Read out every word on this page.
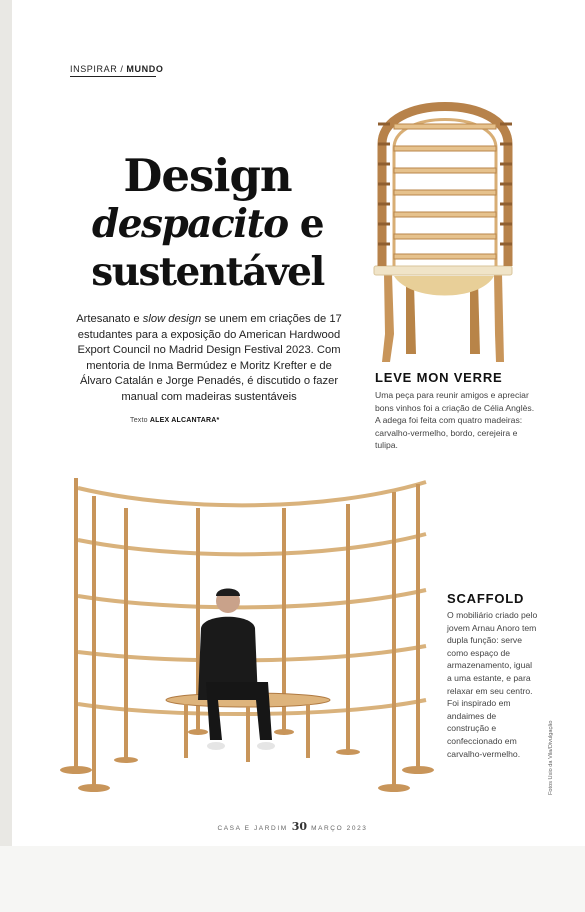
INSPIRAR / MUNDO
Design
despacito e
sustentável
Artesanato e slow design se unem em criações de 17 estudantes para a exposição do American Hardwood Export Council no Madrid Design Festival 2023. Com mentoria de Inma Bermúdez e Moritz Krefter e de Álvaro Catalán e Jorge Penadés, é discutido o fazer manual com madeiras sustentáveis
Texto ALEX ALCANTARA*
LEVE MON VERRE
Uma peça para reunir amigos e apreciar bons vinhos foi a criação de Célia Anglès. A adega foi feita com quatro madeiras: carvalho-vermelho, bordo, cerejeira e tulipa.
SCAFFOLD
O mobiliário criado pelo jovem Arnau Anoro tem dupla função: serve como espaço de armazenamento, igual a uma estante, e para relaxar em seu centro. Foi inspirado em andaimes de construção e confeccionado em carvalho-vermelho.	Fotos Uxio da Vila/Divulgação
CASA E JARDIM 30 MARÇO 2023
